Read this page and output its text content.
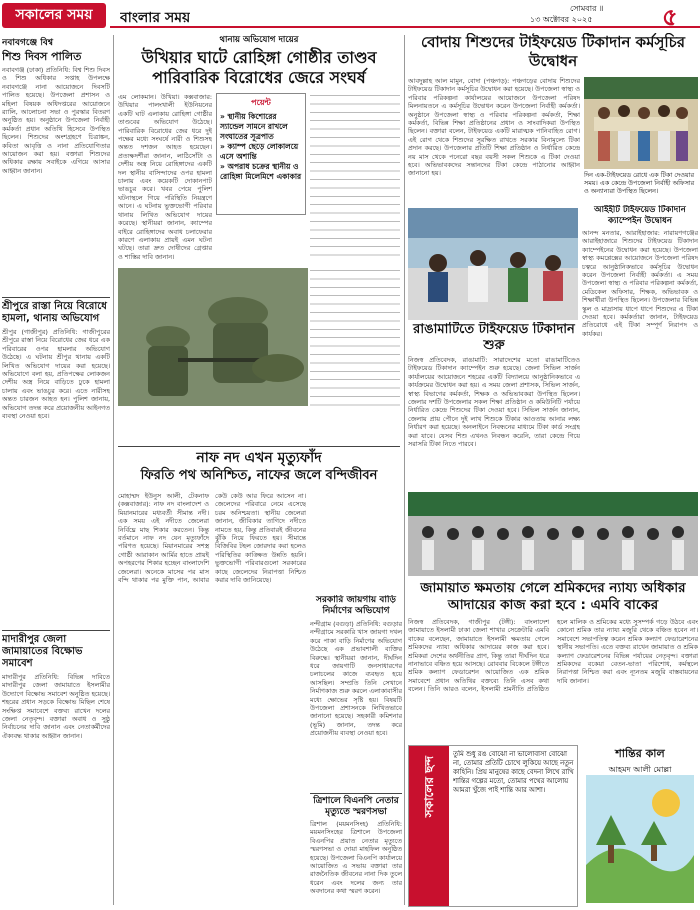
সকালের সময়	বাংলার সময়
সোমবার ॥
১৩ অক্টোবর ২০২৫	৫
নবাবগঞ্জে বিশ্ব
শিশু দিবস পালিত
নবাবগঞ্জ (ঢাকা) প্রতিনিধি: বিশ্ব শিশু দিবস ও শিশু অধিকার সপ্তাহ উপলক্ষে নবাবগঞ্জে নানা আয়োজনে দিবসটি পালিত হয়েছে। উপজেলা প্রশাসন ও মহিলা বিষয়ক অধিদপ্তরের আয়োজনে র‍্যালি, আলোচনা সভা ও পুরস্কার বিতরণ অনুষ্ঠিত হয়। অনুষ্ঠানে উপজেলা নির্বাহী কর্মকর্তা প্রধান অতিথি হিসেবে উপস্থিত ছিলেন। শিশুদের অংশগ্রহণে চিত্রাঙ্কন, কবিতা আবৃত্তি ও নানা প্রতিযোগিতার আয়োজন করা হয়। বক্তারা শিশুদের অধিকার রক্ষায় সবাইকে এগিয়ে আসার আহ্বান জানান।
শ্রীপুরে রাস্তা নিয়ে বিরোধে হামলা, থানায় অভিযোগ
শ্রীপুর (গাজীপুর) প্রতিনিধি: গাজীপুরের শ্রীপুরে রাস্তা নিয়ে বিরোধের জের ধরে এক পরিবারের ওপর হামলার অভিযোগ উঠেছে। এ ঘটনায় শ্রীপুর থানায় একটি লিখিত অভিযোগ দায়ের করা হয়েছে। অভিযোগে বলা হয়, প্রতিপক্ষের লোকজন দেশীয় অস্ত্র নিয়ে বাড়িতে ঢুকে হামলা চালায় এবং ভাঙচুর করে। এতে নারীসহ অন্তত চারজন আহত হন। পুলিশ জানায়, অভিযোগ তদন্ত করে প্রয়োজনীয় আইনগত ব্যবস্থা নেওয়া হবে।
মাদারীপুর জেলা জামায়াতের বিক্ষোভ সমাবেশ
মাদারীপুর প্রতিনিধি: বিভিন্ন দাবিতে মাদারীপুর জেলা জামায়াতে ইসলামীর উদ্যোগে বিক্ষোভ সমাবেশ অনুষ্ঠিত হয়েছে। শহরের প্রধান সড়কে বিক্ষোভ মিছিল শেষে সংক্ষিপ্ত সমাবেশে বক্তব্য রাখেন দলের জেলা নেতৃবৃন্দ। বক্তারা অবাধ ও সুষ্ঠু নির্বাচনের দাবি জানান এবং নেতাকর্মীদের ঐক্যবদ্ধ থাকার আহ্বান জানান।
থানায় অভিযোগ দায়ের
উখিয়ার ঘাটে রোহিঙ্গা গোষ্ঠীর তাণ্ডব পারিবারিক বিরোধের জেরে সংঘর্ষ
এম লোকমান। উখিয়া। কক্সবাজার: উখিয়ার পালংখালী ইউনিয়নের একটি ঘাট এলাকায় রোহিঙ্গা গোষ্ঠীর তাণ্ডবের অভিযোগ উঠেছে। পারিবারিক বিরোধের জের ধরে দুই পক্ষের মধ্যে সংঘর্ষে নারী ও শিশুসহ অন্তত দশজন আহত হয়েছেন। প্রত্যক্ষদর্শীরা জানান, লাঠিসোঁটা ও দেশীয় অস্ত্র নিয়ে রোহিঙ্গাদের একটি দল স্থানীয় বাসিন্দাদের ওপর হামলা চালায় এবং কয়েকটি দোকানপাট ভাঙচুর করে। খবর পেয়ে পুলিশ ঘটনাস্থলে গিয়ে পরিস্থিতি নিয়ন্ত্রণে আনে। এ ঘটনায় ভুক্তভোগী পরিবার থানায় লিখিত অভিযোগ দায়ের করেছে। স্থানীয়রা জানান, ক্যাম্পের বাইরে রোহিঙ্গাদের অবাধ চলাফেরার কারণে এলাকায় প্রায়ই এমন ঘটনা ঘটছে। তারা দ্রুত দোষীদের গ্রেপ্তার ও শাস্তির দাবি জানান।
পয়েন্ট
» স্থানীয় কিশোরের স্যান্ডেল সামনে রাখলে সংঘাতের সূত্রপাত
» ক্যাম্প ছেড়ে লোকালয়ে এসে অশান্তি
» অপরাধ চক্রের স্থানীয় ও রোহিঙ্গা মিলেমিশে একাকার
নাফ নদ এখন মৃত্যুফাঁদ
ফিরতি পথ অনিশ্চিত, নাফের জলে বন্দিজীবন
মোহাম্মদ ইউনুস আলী, টেকনাফ (কক্সবাজার): নাফ নদ বাংলাদেশ ও মিয়ানমারের মধ্যবর্তী সীমান্ত নদী। এক সময় এই নদীতে জেলেরা নির্বিঘ্নে মাছ শিকার করতেন। কিন্তু বর্তমানে নাফ নদ যেন মৃত্যুফাঁদে পরিণত হয়েছে। মিয়ানমারের সশস্ত্র গোষ্ঠী আরাকান আর্মির হাতে প্রায়ই অপহরণের শিকার হচ্ছেন বাংলাদেশি জেলেরা। অনেকে মাসের পর মাস বন্দি থাকার পর মুক্তি পান, আবার কেউ কেউ আর ফিরে আসেন না। জেলেদের পরিবারে নেমে এসেছে চরম অনিশ্চয়তা। স্থানীয় জেলেরা জানান, জীবিকার তাগিদে নদীতে নামতে হয়, কিন্তু প্রতিবারই জীবনের ঝুঁকি নিয়ে ফিরতে হয়। সীমান্তে বিজিবির টহল জোরদার করা হলেও পরিস্থিতির কাঙ্ক্ষিত উন্নতি হয়নি। ভুক্তভোগী পরিবারগুলো সরকারের কাছে জেলেদের নিরাপত্তা নিশ্চিত করার দাবি জানিয়েছে।
সরকারি জায়গায় বাড়ি নির্মাণের অভিযোগ
নন্দীগ্রাম (বগুড়া) প্রতিনিধি: বগুড়ার নন্দীগ্রামে সরকারি খাস জায়গা দখল করে পাকা বাড়ি নির্মাণের অভিযোগ উঠেছে এক প্রভাবশালী ব্যক্তির বিরুদ্ধে। স্থানীয়রা জানান, দীর্ঘদিন ধরে জায়গাটি জনসাধারণের চলাচলের কাজে ব্যবহৃত হয়ে আসছিল। সম্প্রতি তিনি সেখানে নির্মাণকাজ শুরু করলে এলাকাবাসীর মধ্যে ক্ষোভের সৃষ্টি হয়। বিষয়টি উপজেলা প্রশাসনকে লিখিতভাবে জানানো হয়েছে। সহকারী কমিশনার (ভূমি) জানান, তদন্ত করে প্রয়োজনীয় ব্যবস্থা নেওয়া হবে।
ত্রিশালে বিএনপি নেতার মৃত্যুতে স্মরণসভা
ত্রিশাল (ময়মনসিংহ) প্রতিনিধি: ময়মনসিংহের ত্রিশালে উপজেলা বিএনপির প্রয়াত নেতার মৃত্যুতে স্মরণসভা ও দোয়া মাহফিল অনুষ্ঠিত হয়েছে। উপজেলা বিএনপি কার্যালয়ে আয়োজিত এ সভায় বক্তারা তার রাজনৈতিক জীবনের নানা দিক তুলে ধরেন এবং দলের জন্য তার অবদানের কথা স্মরণ করেন।
বোদায় শিশুদের টাইফয়েড টিকাদান কর্মসূচির উদ্বোধন
আবদুল্লাহ আল মামুন, বোদা (পঞ্চগড়): পঞ্চগড়ের বোদায় শিশুদের টাইফয়েড টিকাদান কর্মসূচির উদ্বোধন করা হয়েছে। উপজেলা স্বাস্থ্য ও পরিবার পরিকল্পনা কার্যালয়ের আয়োজনে উপজেলা পরিষদ মিলনায়তনে এ কর্মসূচির উদ্বোধন করেন উপজেলা নির্বাহী কর্মকর্তা। অনুষ্ঠানে উপজেলা স্বাস্থ্য ও পরিবার পরিকল্পনা কর্মকর্তা, শিক্ষা কর্মকর্তা, বিভিন্ন শিক্ষা প্রতিষ্ঠানের প্রধান ও সাংবাদিকরা উপস্থিত ছিলেন। বক্তারা বলেন, টাইফয়েড একটি মারাত্মক পানিবাহিত রোগ। এই রোগ থেকে শিশুদের সুরক্ষিত রাখতে সরকার বিনামূল্যে টিকা প্রদান করছে। উপজেলার প্রতিটি শিক্ষা প্রতিষ্ঠান ও নির্ধারিত কেন্দ্রে নয় মাস থেকে পনেরো বছর বয়সী সকল শিশুকে এ টিকা দেওয়া হবে। অভিভাবকদের সন্তানদের টিকা কেন্দ্রে পাঠানোর আহ্বান জানানো হয়।	দিন এক-টাইফয়েড রোধে এক টিকা দেওয়ার সময়। এক কেন্দ্রে উপজেলা নির্বাহী অফিসার ও অন্যান্যরা উপস্থিত ছিলেন।
আইইটি টাইফয়েড টিকাদান ক্যাম্পেইন উদ্বোধন
আনন্দ মনতার, আরাইহাজার: নারায়ণগঞ্জের আরাইহাজারে শিশুদের টাইফয়েড টিকাদান ক্যাম্পেইনের উদ্বোধন করা হয়েছে। উপজেলা স্বাস্থ্য কমপ্লেক্সের আয়োজনে উপজেলা পরিষদ চত্বরে আনুষ্ঠানিকভাবে কর্মসূচির উদ্বোধন করেন উপজেলা নির্বাহী কর্মকর্তা। এ সময় উপজেলা স্বাস্থ্য ও পরিবার পরিকল্পনা কর্মকর্তা, মেডিকেল অফিসার, শিক্ষক, অভিভাবক ও শিক্ষার্থীরা উপস্থিত ছিলেন। উপজেলার বিভিন্ন স্কুল ও মাদ্রাসায় ধাপে ধাপে শিশুদের এ টিকা দেওয়া হবে। কর্মকর্তারা জানান, টাইফয়েড প্রতিরোধে এই টিকা সম্পূর্ণ নিরাপদ ও কার্যকর।
রাঙামাটিতে টাইফয়েড টিকাদান শুরু
নিজস্ব প্রতিবেদক, রাঙামাটি: সারাদেশের মতো রাঙামাটিতেও টাইফয়েড টিকাদান ক্যাম্পেইন শুরু হয়েছে। জেলা সিভিল সার্জন কার্যালয়ের আয়োজনে শহরের একটি বিদ্যালয়ে আনুষ্ঠানিকভাবে এ কার্যক্রমের উদ্বোধন করা হয়। এ সময় জেলা প্রশাসক, সিভিল সার্জন, স্বাস্থ্য বিভাগের কর্মকর্তা, শিক্ষক ও অভিভাবকরা উপস্থিত ছিলেন। জেলার দশটি উপজেলার সকল শিক্ষা প্রতিষ্ঠান ও কমিউনিটি পর্যায়ে নির্ধারিত কেন্দ্রে শিশুদের টিকা দেওয়া হবে। সিভিল সার্জন জানান, জেলায় প্রায় পৌনে দুই লাখ শিশুকে টিকার আওতায় আনার লক্ষ্য নির্ধারণ করা হয়েছে। অনলাইনে নিবন্ধনের মাধ্যমে টিকা কার্ড সংগ্রহ করা যাবে। যেসব শিশু এখনও নিবন্ধন করেনি, তারা কেন্দ্রে গিয়ে সরাসরি টিকা নিতে পারবে।
জামায়াত ক্ষমতায় গেলে শ্রমিকদের ন্যায্য অধিকার আদায়ের কাজ করা হবে : এমবি বাকের
নিজস্ব প্রতিবেদক, গাজীপুর (টঙ্গী): বাংলাদেশ জামায়াতে ইসলামী ঢাকা জেলা শাখার সেক্রেটারি এমবি বাকের বলেছেন, জামায়াতে ইসলামী ক্ষমতায় গেলে শ্রমিকদের ন্যায্য অধিকার আদায়ের কাজ করা হবে। শ্রমিকরা দেশের অর্থনীতির প্রাণ, কিন্তু তারা দীর্ঘদিন ধরে নানাভাবে বঞ্চিত হয়ে আসছে। রোববার বিকেলে টঙ্গীতে শ্রমিক কল্যাণ ফেডারেশন আয়োজিত এক শ্রমিক সমাবেশে প্রধান অতিথির বক্তব্যে তিনি এসব কথা বলেন। তিনি আরও বলেন, ইসলামী শ্রমনীতি প্রতিষ্ঠিত হলে মালিক ও শ্রমিকের মধ্যে সুসম্পর্ক গড়ে উঠবে এবং কোনো শ্রমিক তার ন্যায্য মজুরি থেকে বঞ্চিত হবেন না। সমাবেশে সভাপতিত্ব করেন শ্রমিক কল্যাণ ফেডারেশনের স্থানীয় সভাপতি। এতে বক্তব্য রাখেন জামায়াত ও শ্রমিক কল্যাণ ফেডারেশনের বিভিন্ন পর্যায়ের নেতৃবৃন্দ। বক্তারা শ্রমিকদের বকেয়া বেতন-ভাতা পরিশোধ, কর্মস্থলে নিরাপত্তা নিশ্চিত করা এবং ন্যূনতম মজুরি বাস্তবায়নের দাবি জানান।
সকালের ছন্দ
তুমি শুধু রঙ বোঝো না ভালোবাসা বোঝো না, তোমার প্রতিটি চোখে লুকিয়ে আছে নতুন কাহিনি। প্রিয় মানুষের কাছে বেদনা লিখে রাখি শান্তির গল্পের মতো, তোমার পথের আলোয় আমরা খুঁজে পাই শান্তি আর আশা।
শান্তির কাল
আহমদ আলী মোল্লা
